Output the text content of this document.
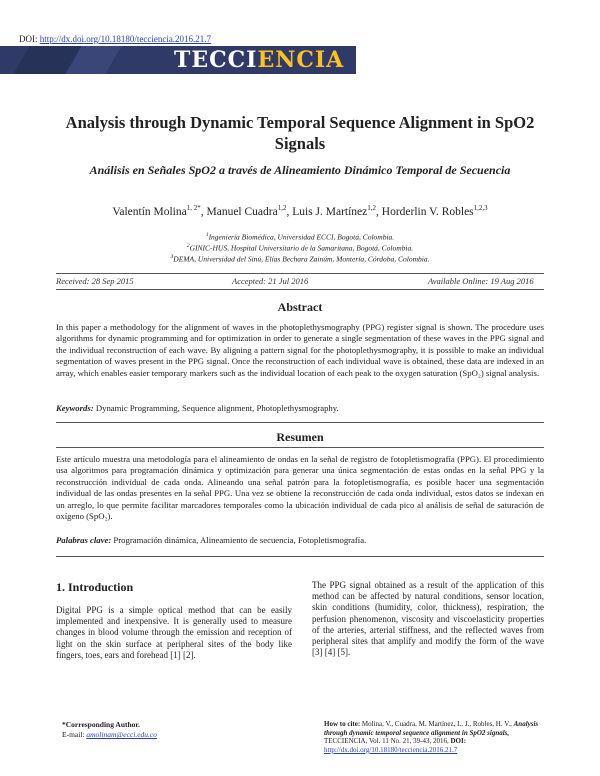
DOI: http://dx.doi.org/10.18180/tecciencia.2016.21.7
TECCIENCIA
Analysis through Dynamic Temporal Sequence Alignment in SpO2
Signals
Análisis en Señales SpO2 a través de Alineamiento Dinámico Temporal de Secuencia
Valentín Molina$^{1, 2*}$, Manuel Cuadra$^{1,2}$, Luis J. Martínez$^{1,2}$, Horderlin V. Robles$^{1,2,3}$
$^1$Ingeniería Biomédica, Universidad ECCI, Bogotá, Colombia.
$^2$GINIC-HUS, Hospital Universitario de la Samaritana, Bogotá, Colombia.
$^3$DEMA, Universidad del Sinú, Elías Bechara Zainúm, Montería, Córdoba, Colombia.
Received: 28 Sep 2015	Accepted: 21 Jul 2016	Available Online: 19 Aug 2016
Abstract
In this paper a methodology for the alignment of waves in the photoplethysmography (PPG) register signal is shown. The procedure uses algorithms for dynamic programming and for optimization in order to generate a single segmentation of these waves in the PPG signal and the individual reconstruction of each wave. By aligning a pattern signal for the photoplethysmography, it is possible to make an individual segmentation of waves present in the PPG signal. Once the reconstruction of each individual wave is obtained, these data are indexed in an array, which enables easier temporary markers such as the individual location of each peak to the oxygen saturation (SpO₂) signal analysis.
Keywords: Dynamic Programming, Sequence alignment, Photoplethysmography.
Resumen
Este artículo muestra una metodología para el alineamiento de ondas en la señal de registro de fotopletismografía (PPG). El procedimiento usa algoritmos para programación dinámica y optimización para generar una única segmentación de estas ondas en la señal PPG y la reconstrucción individual de cada onda. Alineando una señal patrón para la fotopletismografía, es posible hacer una segmentación individual de las ondas presentes en la señal PPG. Una vez se obtiene la reconstrucción de cada onda individual, estos datos se indexan en un arreglo, lo que permite facilitar marcadores temporales como la ubicación individual de cada pico al análisis de señal de saturación de oxígeno (SpO₂).
Palabras clave: Programación dinámica, Alineamiento de secuencia, Fotopletismografía.
1. Introduction
Digital PPG is a simple optical method that can be easily implemented and inexpensive. It is generally used to measure changes in blood volume through the emission and reception of light on the skin surface at peripheral sites of the body like fingers, toes, ears and forehead [1] [2].
The PPG signal obtained as a result of the application of this method can be affected by natural conditions, sensor location, skin conditions (humidity, color, thickness), respiration, the perfusion phenomenon, viscosity and viscoelasticity properties of the arteries, arterial stiffness, and the reflected waves from peripheral sites that amplify and modify the form of the wave [3] [4] [5].
*Corresponding Author.
E-mail: amolinam@ecci.edu.co
How to cite: Molina, V., Cuadra, M. Martínez, L. J., Robles, H. V., Analysis through dynamic temporal sequence alignment in SpO2 signals, TECCIENCIA, Vol. 11 No. 21, 39-43, 2016, DOI:
http://dx.doi.org/10.18180/tecciencia.2016.21.7
